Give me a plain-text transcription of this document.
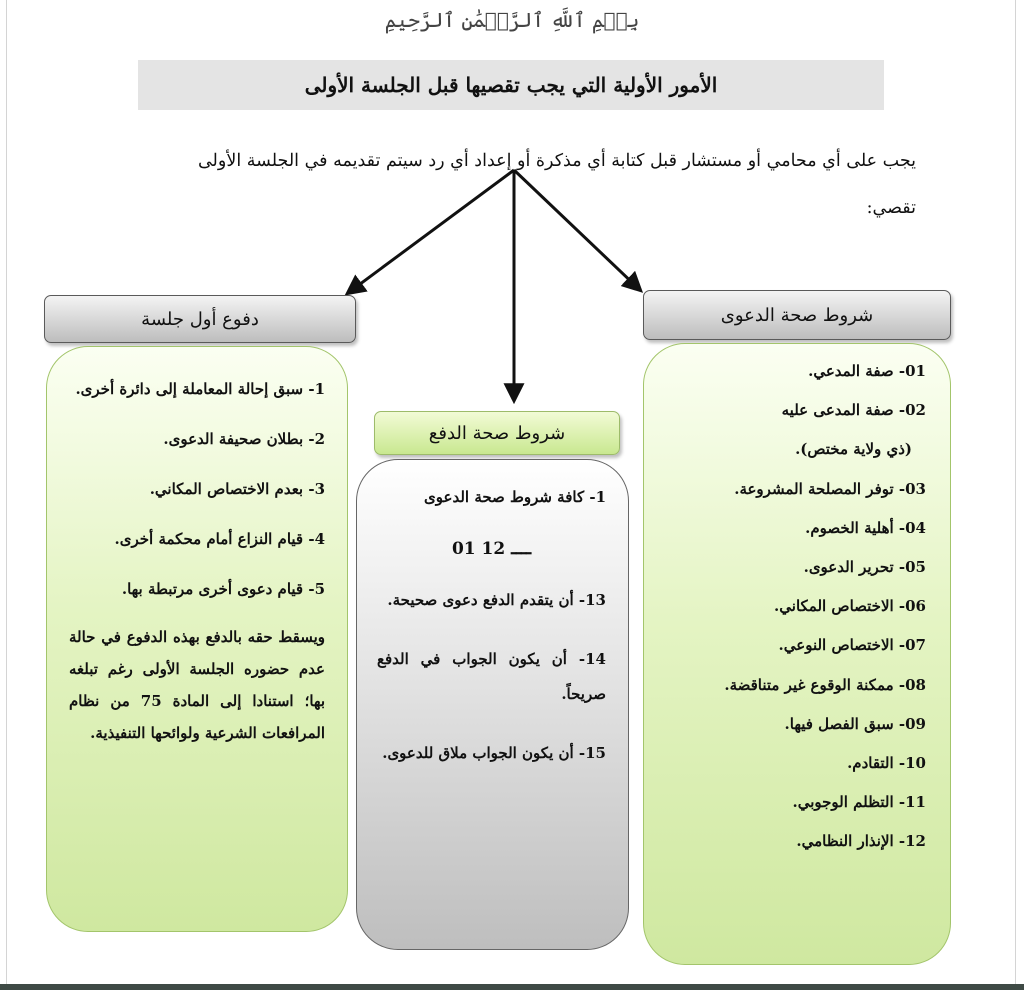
بِسۡمِ ٱللَّهِ ٱلرَّحۡمَٰنِ ٱلرَّحِيمِ
الأمور الأولية التي يجب تقصيها قبل الجلسة الأولى
يجب على أي محامي أو مستشار قبل كتابة أي مذكرة أو إعداد أي رد سيتم تقديمه في الجلسة الأولى
تقصي:
دفوع أول جلسة	شروط صحة الدعوى
شروط صحة الدفع
1- سبق إحالة المعاملة إلى دائرة أخرى.
2- بطلان صحيفة الدعوى.
3- بعدم الاختصاص المكاني.
4- قيام النزاع أمام محكمة أخرى.
5- قيام دعوى أخرى مرتبطة بها.
ويسقط حقه بالدفع بهذه الدفوع في حالة عدم حضوره الجلسة الأولى رغم تبلغه بها؛ استنادا إلى المادة 75 من نظام المرافعات الشرعية ولوائحها التنفيذية.
1- كافة شروط صحة الدعوى
01 ــــ 12
13- أن يتقدم الدفع دعوى صحيحة.
14- أن يكون الجواب في الدفع صريحاً.
15- أن يكون الجواب ملاق للدعوى.
01- صفة المدعي.
02- صفة المدعى عليه
(ذي ولاية مختص).
03- توفر المصلحة المشروعة.
04- أهلية الخصوم.
05- تحرير الدعوى.
06- الاختصاص المكاني.
07- الاختصاص النوعي.
08- ممكنة الوقوع غير متناقضة.
09- سبق الفصل فيها.
10- التقادم.
11- التظلم الوجوبي.
12- الإنذار النظامي.
